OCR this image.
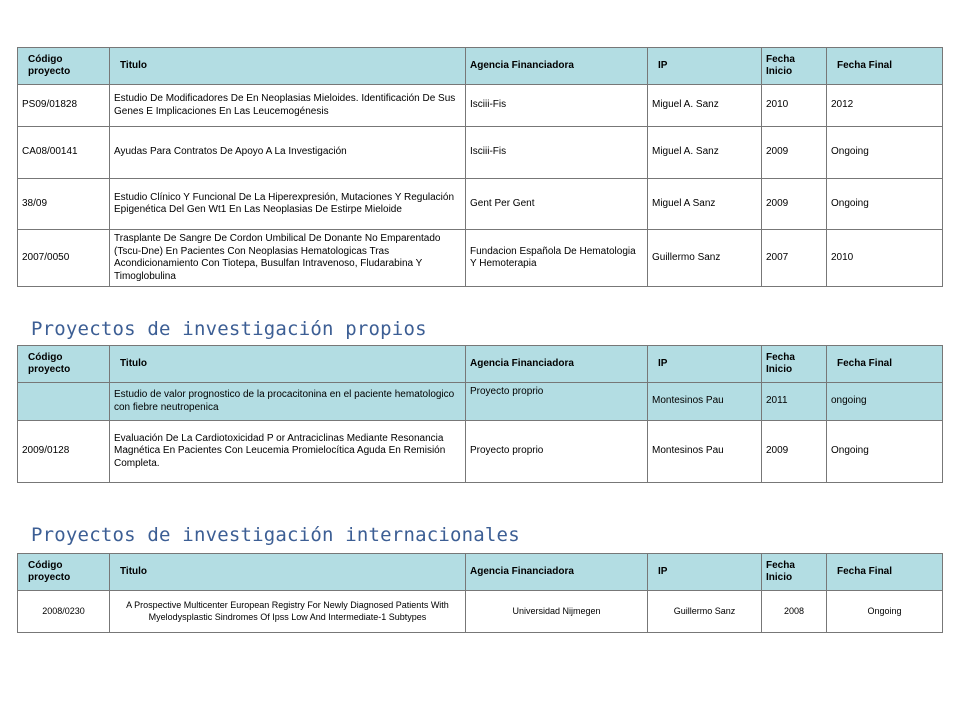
Código proyecto	Titulo	Agencia Financiadora	IP	Fecha Inicio	Fecha Final
PS09/01828	Estudio De Modificadores De En Neoplasias Mieloides. Identificación De Sus Genes E Implicaciones En Las Leucemogénesis	Isciii-Fis	Miguel A. Sanz	2010	2012
CA08/00141	Ayudas Para Contratos De Apoyo A La Investigación	Isciii-Fis	Miguel A. Sanz	2009	Ongoing
38/09	Estudio Clínico Y Funcional De La Hiperexpresión, Mutaciones Y Regulación Epigenética Del Gen Wt1 En Las Neoplasias De Estirpe Mieloide	Gent Per Gent	Miguel A Sanz	2009	Ongoing
2007/0050	Trasplante De Sangre De Cordon Umbilical De Donante No Emparentado (Tscu-Dne) En Pacientes Con Neoplasias Hematologicas Tras Acondicionamiento Con Tiotepa, Busulfan Intravenoso, Fludarabina Y Timoglobulina	Fundacion Española De Hematologia Y Hemoterapia	Guillermo Sanz	2007	2010
Proyectos de investigación propios
Código proyecto	Titulo	Agencia Financiadora	IP	Fecha Inicio	Fecha Final
	Estudio de valor prognostico de la procacitonina en el paciente hematologico con fiebre neutropenica	Proyecto proprio	Montesinos Pau	2011	ongoing
2009/0128	Evaluación De La Cardiotoxicidad P or Antraciclinas Mediante Resonancia Magnética En Pacientes Con Leucemia Promielocítica Aguda En Remisión Completa.	Proyecto proprio	Montesinos Pau	2009	Ongoing
Proyectos de investigación internacionales
Código proyecto	Titulo	Agencia Financiadora	IP	Fecha Inicio	Fecha Final
2008/0230	A Prospective Multicenter European Registry For Newly Diagnosed Patients With Myelodysplastic Sindromes Of Ipss Low And Intermediate-1 Subtypes	Universidad Nijmegen	Guillermo Sanz	2008	Ongoing
